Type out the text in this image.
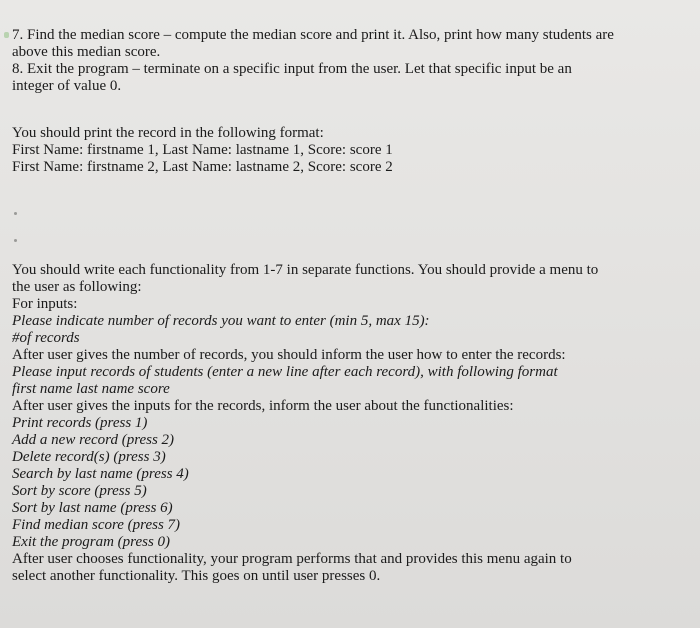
7. Find the median score – compute the median score and print it. Also, print how many students are
above this median score.
8. Exit the program – terminate on a specific input from the user. Let that specific input be an
integer of value 0.
You should print the record in the following format:
First Name: firstname 1, Last Name: lastname 1, Score: score 1
First Name: firstname 2, Last Name: lastname 2, Score: score 2
You should write each functionality from 1-7 in separate functions. You should provide a menu to
the user as following:
For inputs:
Please indicate number of records you want to enter (min 5, max 15):
#of records
After user gives the number of records, you should inform the user how to enter the records:
Please input records of students (enter a new line after each record), with following format
first name last name score
After user gives the inputs for the records, inform the user about the functionalities:
Print records (press 1)
Add a new record (press 2)
Delete record(s) (press 3)
Search by last name (press 4)
Sort by score (press 5)
Sort by last name (press 6)
Find median score (press 7)
Exit the program (press 0)
After user chooses functionality, your program performs that and provides this menu again to
select another functionality. This goes on until user presses 0.
